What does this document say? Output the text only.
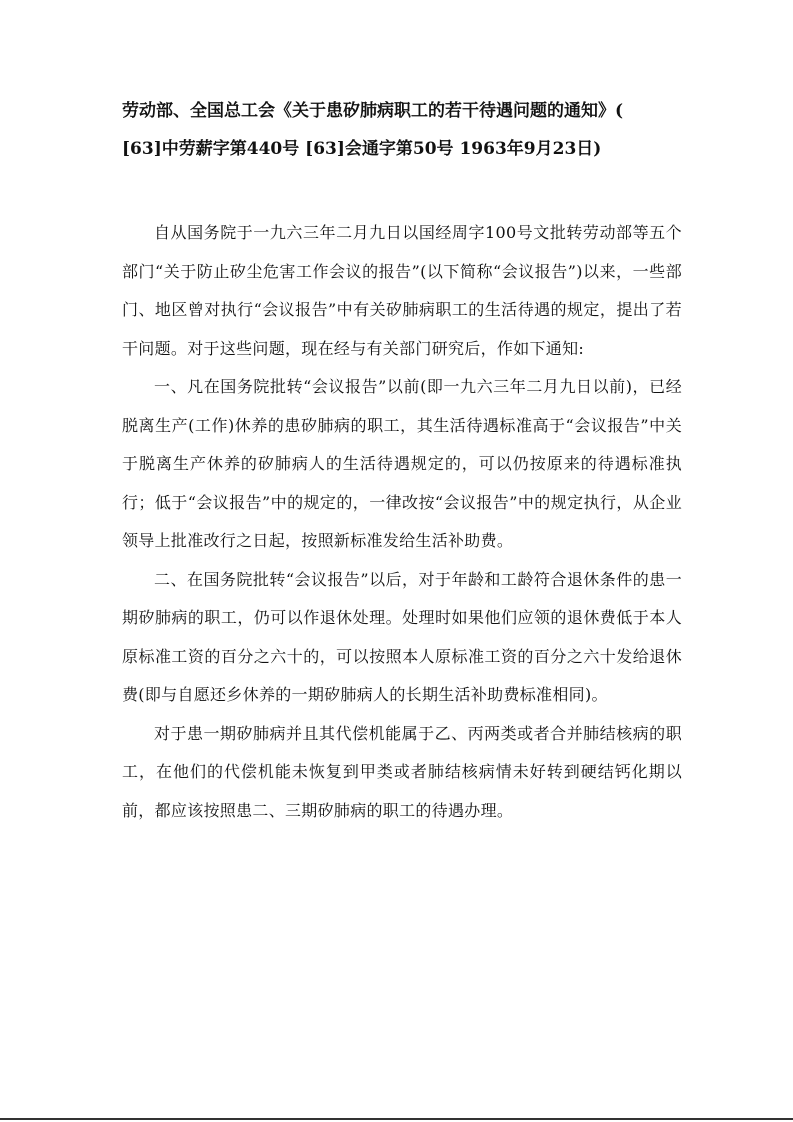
劳动部、全国总工会《关于患矽肺病职工的若干待遇问题的通知》(
[63]中劳薪字第440号 [63]会通字第50号 1963年9月23日)

自从国务院于一九六三年二月九日以国经周字100号文批转劳动部等五个部门“关于防止矽尘危害工作会议的报告”(以下简称“会议报告”)以来，一些部门、地区曾对执行“会议报告”中有关矽肺病职工的生活待遇的规定，提出了若干问题。对于这些问题，现在经与有关部门研究后，作如下通知:

一、凡在国务院批转“会议报告”以前(即一九六三年二月九日以前)，已经脱离生产(工作)休养的患矽肺病的职工，其生活待遇标准高于“会议报告”中关于脱离生产休养的矽肺病人的生活待遇规定的，可以仍按原来的待遇标准执行；低于“会议报告”中的规定的，一律改按“会议报告”中的规定执行，从企业领导上批准改行之日起，按照新标准发给生活补助费。

二、在国务院批转“会议报告”以后，对于年龄和工龄符合退休条件的患一期矽肺病的职工，仍可以作退休处理。处理时如果他们应领的退休费低于本人原标准工资的百分之六十的，可以按照本人原标准工资的百分之六十发给退休费(即与自愿还乡休养的一期矽肺病人的长期生活补助费标准相同)。

对于患一期矽肺病并且其代偿机能属于乙、丙两类或者合并肺结核病的职工，在他们的代偿机能未恢复到甲类或者肺结核病情未好转到硬结钙化期以前，都应该按照患二、三期矽肺病的职工的待遇办理。
